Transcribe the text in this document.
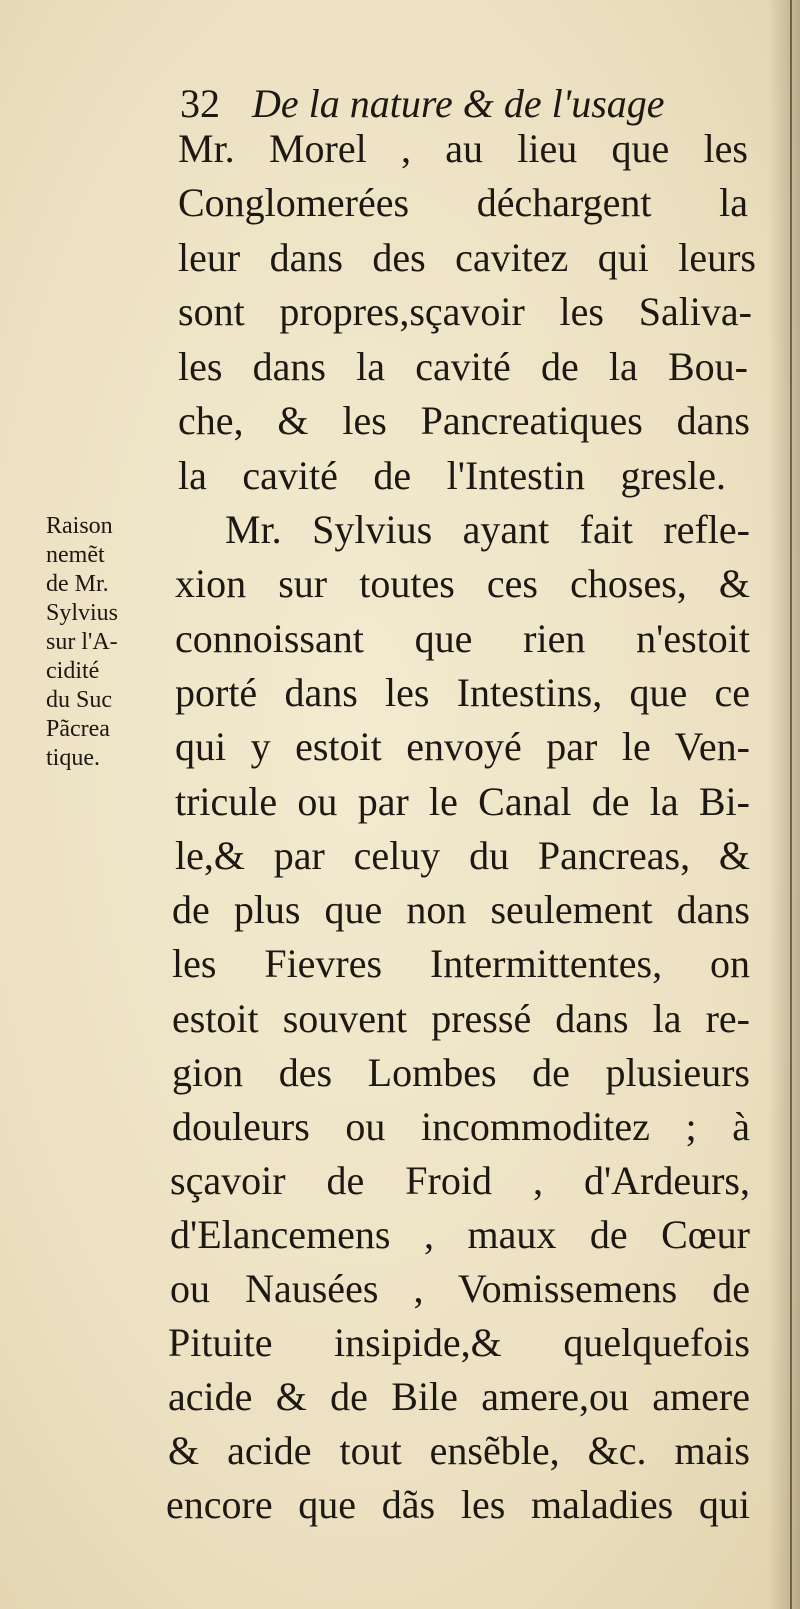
32 De la nature & de l'usage
Mr. Morel , au lieu que les
Conglomerées déchargent la
leur dans des cavitez qui leurs
sont propres,sçavoir les Saliva-
les dans la cavité de la Bou-
che, & les Pancreatiques dans
la cavité de l'Intestin gresle.
Mr. Sylvius ayant fait refle-
xion sur toutes ces choses, &
connoissant que rien n'estoit
porté dans les Intestins, que ce
qui y estoit envoyé par le Ven-
tricule ou par le Canal de la Bi-
le,& par celuy du Pancreas, &
de plus que non seulement dans
les Fievres Intermittentes, on
estoit souvent pressé dans la re-
gion des Lombes de plusieurs
douleurs ou incommoditez ; à
sçavoir de Froid , d'Ardeurs,
d'Elancemens , maux de Cœur
ou Nausées , Vomissemens de
Pituite insipide,& quelquefois
acide & de Bile amere,ou amere
& acide tout ensẽble, &c. mais
encore que dãs les maladies qui
Raison
nemẽt
de Mr.
Sylvius
sur l'A-
cidité
du Suc
Pãcrea
tique.
